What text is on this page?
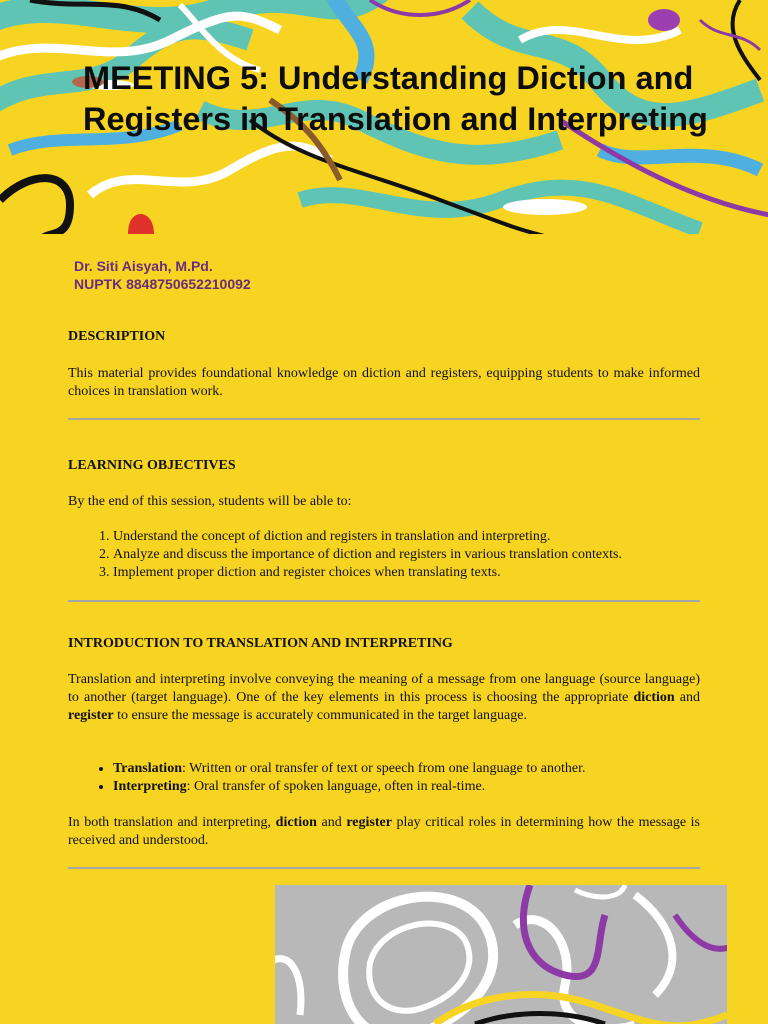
MEETING 5: Understanding Diction and Registers in Translation and Interpreting
Dr. Siti Aisyah, M.Pd.
NUPTK 8848750652210092
DESCRIPTION

This material provides foundational knowledge on diction and registers, equipping students to make informed choices in translation work.

LEARNING OBJECTIVES

By the end of this session, students will be able to:

1. Understand the concept of diction and registers in translation and interpreting.
2. Analyze and discuss the importance of diction and registers in various translation contexts.
3. Implement proper diction and register choices when translating texts.
INTRODUCTION TO TRANSLATION AND INTERPRETING

Translation and interpreting involve conveying the meaning of a message from one language (source language) to another (target language). One of the key elements in this process is choosing the appropriate diction and register to ensure the message is accurately communicated in the target language.

• Translation: Written or oral transfer of text or speech from one language to another.
• Interpreting: Oral transfer of spoken language, often in real-time.

In both translation and interpreting, diction and register play critical roles in determining how the message is received and understood.
